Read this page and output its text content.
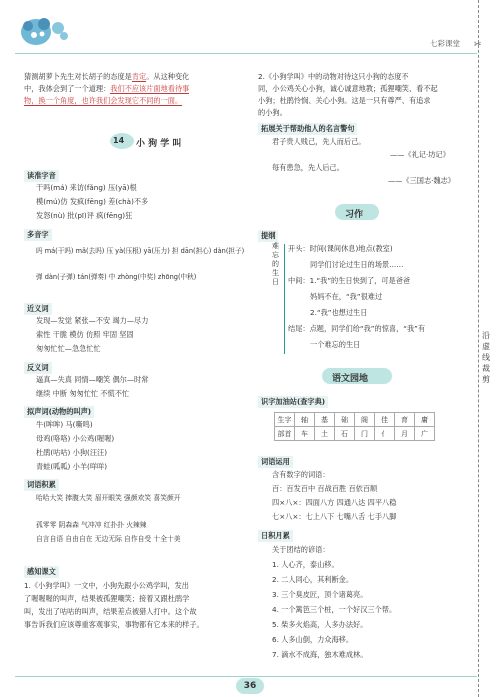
七彩课堂 ✂
沿虚线裁剪
猜测胡萝卜先生对长胡子的态度是肯定。从这种变化
中，我体会到了一个道理：我们不应该片面地看待事
物，换一个角度，也许我们会发现它不同的一面。
14 小 狗 学 叫
读准字音
干吗(má) 来访(fǎng) 压(yā)根
模(mú)仿 发疯(fēng) 差(chà)不多
发怒(nù) 批(pī)评 疯(fēng)狂
多音字
吗 má(干吗) mǎ(去吗) 压 yà(压根) yā(压力) 担 dān(担心) dàn(担子)
弹 dàn(子弹) tán(弹奏) 中 zhòng(中奖) zhōng(中秋)
近义词
发现—发觉 紧张—不安 竭力—尽力
索性 干脆 模仿 仿照 牢固 坚固
匆匆忙忙—急急忙忙
反义词
逼真—失真 同情—嘲笑 偶尔—时常
继续 中断 匆匆忙忙 不慌不忙
拟声词(动物的叫声)
牛(哞哞) 马(嘶鸣)
母鸡(咯咯) 小公鸡(喔喔)
杜鹃(咕咕) 小狗(汪汪)
青蛙(呱呱) 小羊(咩咩)
词语积累
哈哈大笑 捧腹大笑 眉开眼笑 强颜欢笑 喜笑颜开
孤零零 阴森森 气冲冲 红扑扑 火辣辣
自言自语 自由自在 无边无际 自作自受 十全十美
感知课文
1.《小狗学叫》一文中，小狗先跟小公鸡学叫，发出
了喔喔喔的叫声，结果被孤狸嘲笑；接着又跟杜鹃学
叫，发出了咕咕的叫声，结果差点被猎人打中。这个故
事告诉我们应该尊重客观事实，事物都有它本来的样子。
2.《小狗学叫》中的动物对待这只小狗的态度不
同，小公鸡关心小狗，诚心诚意地教；孤狸嘲笑、看不起
小狗；杜鹃怜悯、关心小狗。这是一只有尊严、有追求
的小狗。
拓展关于帮助他人的名言警句
君子贵人贱己，先人而后己。
——《礼记·坊记》
每有患急，先人后己。
——《三国志·魏志》
习作
提纲
难忘的生日
开头：时间(课间休息)地点(教室)
同学们讨论过生日的场景……
中间：1.“我”的生日快到了，可是爸爸
妈妈不在，“我”很难过
2.“我”也想过生日
结尾：点题，同学们给“我”的惊喜，“我”有
一个难忘的生日
语文园地
识字加油站(查字典)
生字	轴	基	础	阁	佳	育	庸
部首	车	土	石	门	亻	月	广
词语运用
含有数字的词语：
百：百发百中 百战百胜 百依百顺
四×八×：四面八方 四通八达 四平八稳
七×八×：七上八下 七嘴八舌 七手八脚
日积月累
关于团结的谚语：
1. 人心齐，泰山移。
2. 二人同心，其利断金。
3. 三个臭皮匠，顶个诸葛亮。
4. 一个篱笆三个桩，一个好汉三个帮。
5. 柴多火焰高，人多办法好。
6. 人多山倒，力众海移。
7. 滴水不成海，独木难成林。
36
